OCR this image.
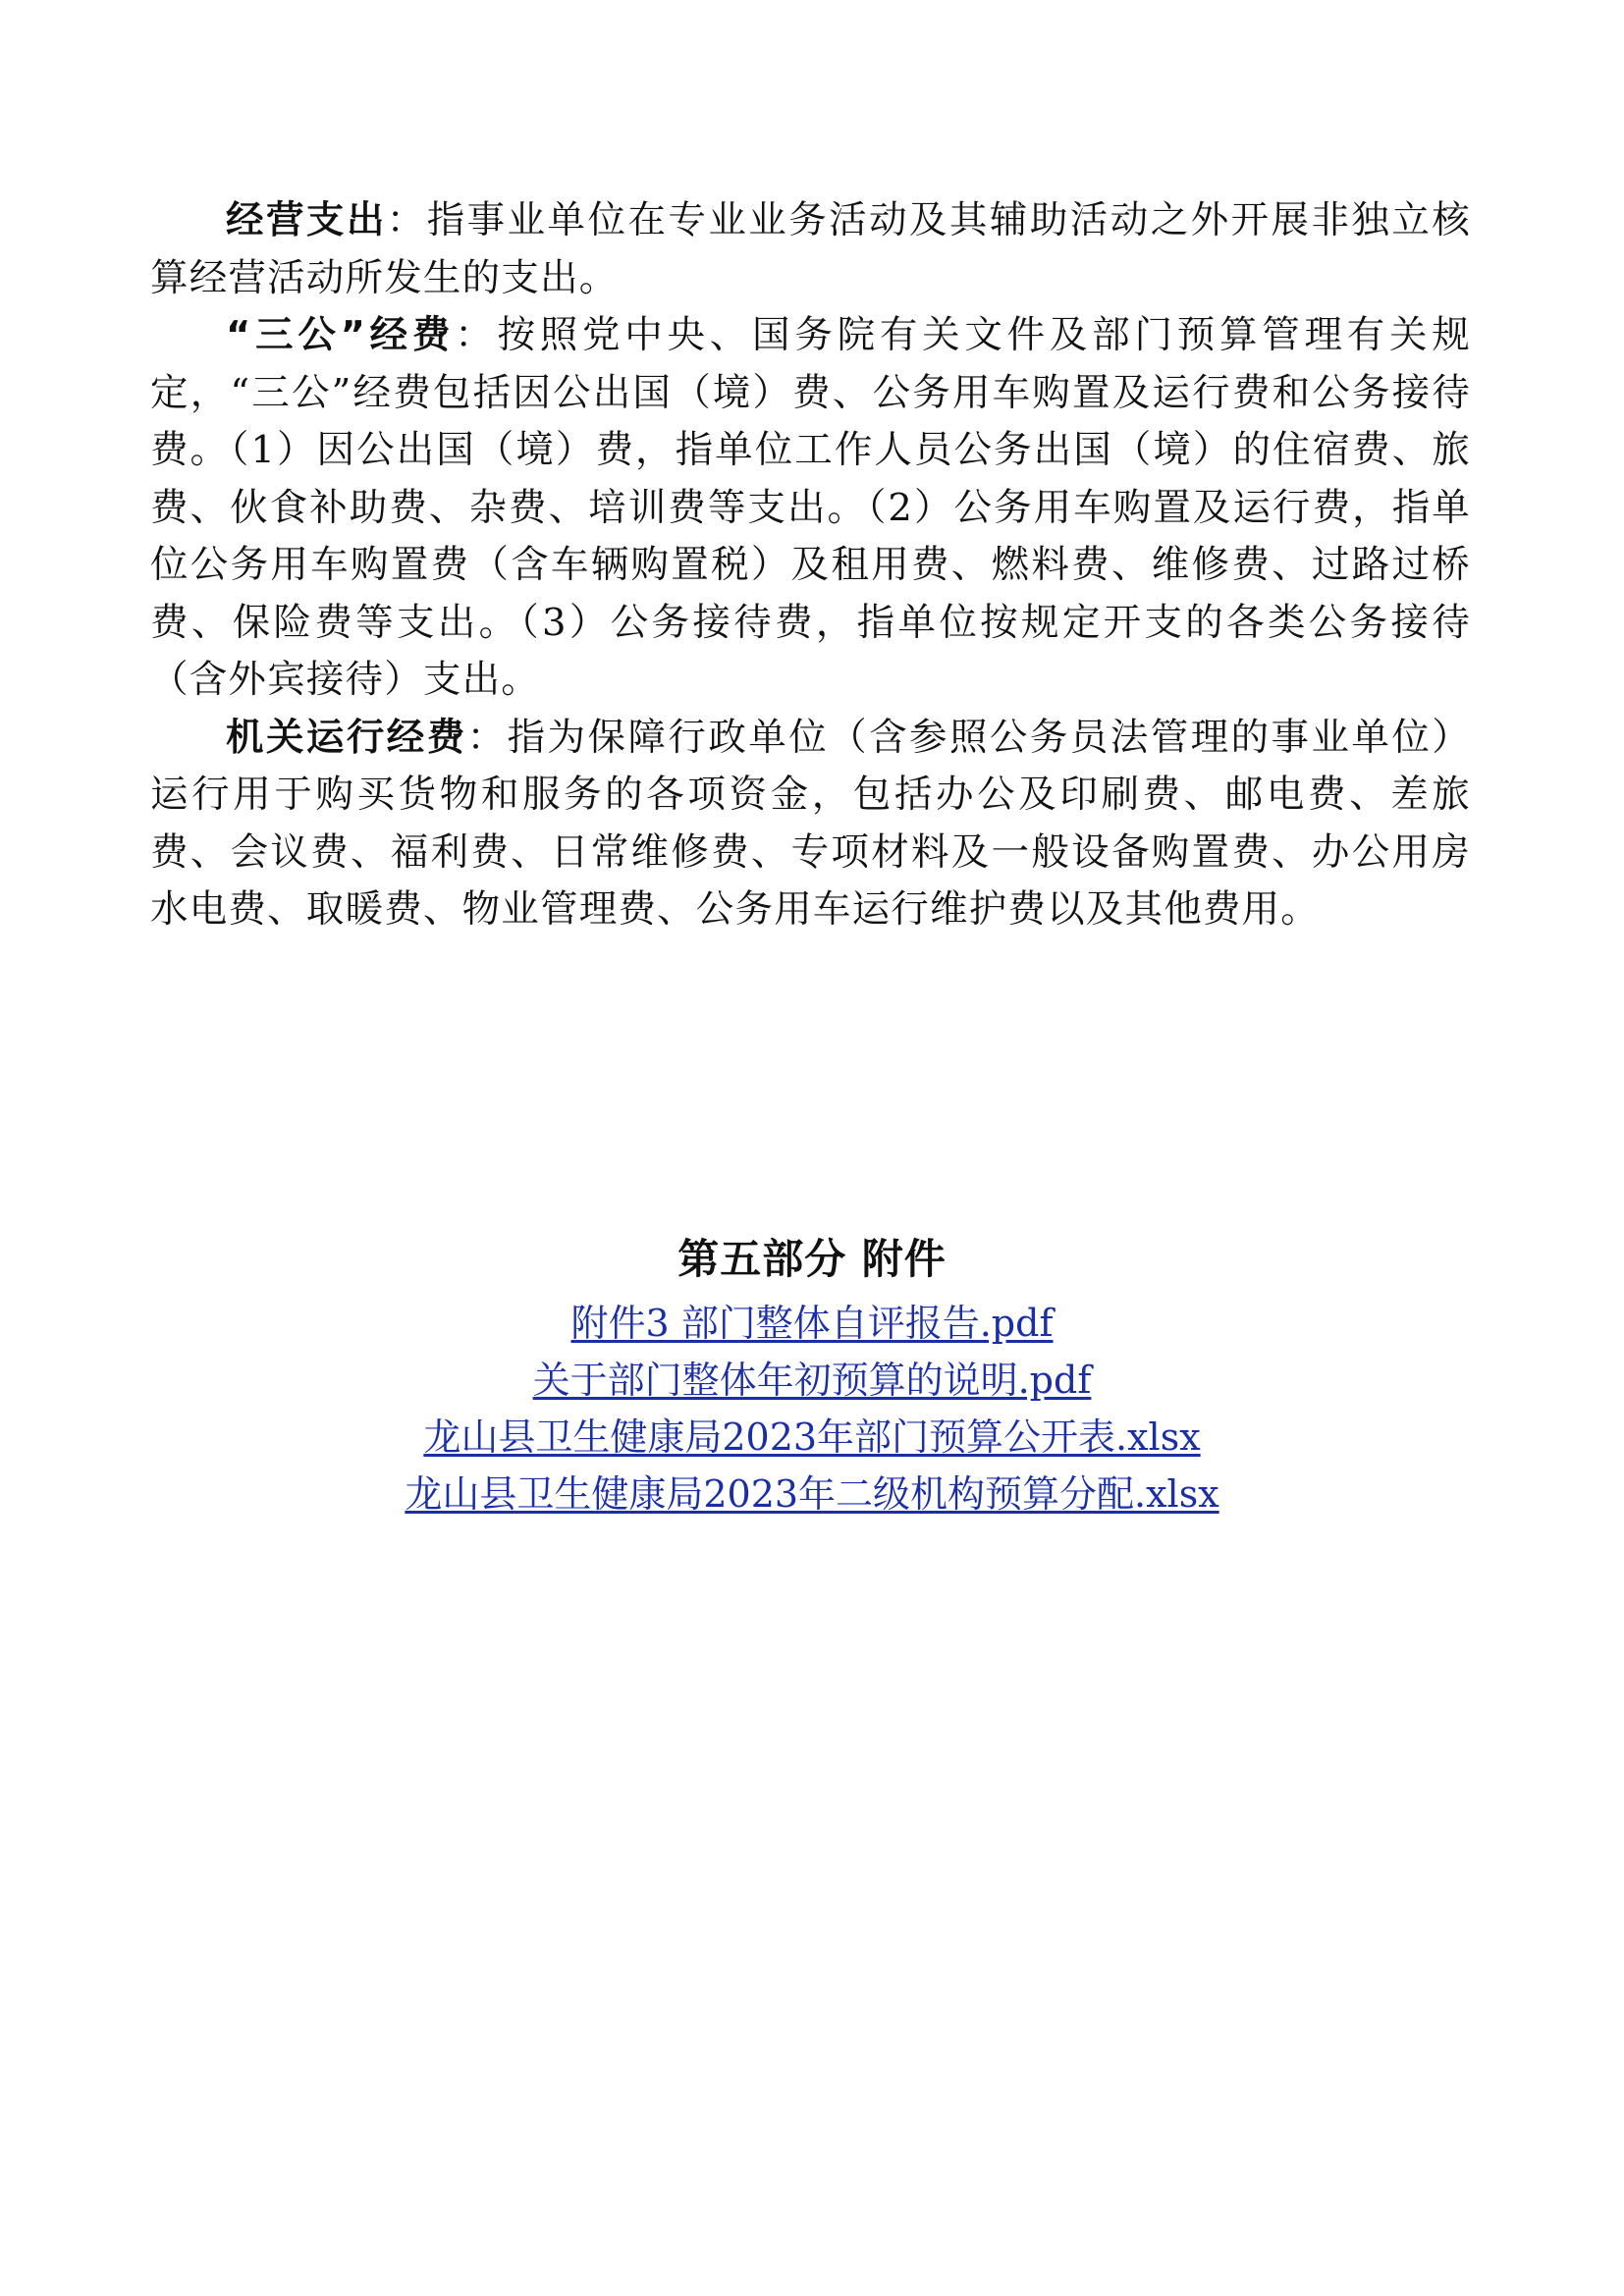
经营支出：指事业单位在专业业务活动及其辅助活动之外开展非独立核算经营活动所发生的支出。

“三公”经费：按照党中央、国务院有关文件及部门预算管理有关规定，“三公”经费包括因公出国（境）费、公务用车购置及运行费和公务接待费。（1）因公出国（境）费，指单位工作人员公务出国（境）的住宿费、旅费、伙食补助费、杂费、培训费等支出。（2）公务用车购置及运行费，指单位公务用车购置费（含车辆购置税）及租用费、燃料费、维修费、过路过桥费、保险费等支出。（3）公务接待费，指单位按规定开支的各类公务接待（含外宾接待）支出。

机关运行经费：指为保障行政单位（含参照公务员法管理的事业单位）运行用于购买货物和服务的各项资金，包括办公及印刷费、邮电费、差旅费、会议费、福利费、日常维修费、专项材料及一般设备购置费、办公用房水电费、取暖费、物业管理费、公务用车运行维护费以及其他费用。

第五部分 附件
附件3 部门整体自评报告.pdf
关于部门整体年初预算的说明.pdf
龙山县卫生健康局2023年部门预算公开表.xlsx
龙山县卫生健康局2023年二级机构预算分配.xlsx
